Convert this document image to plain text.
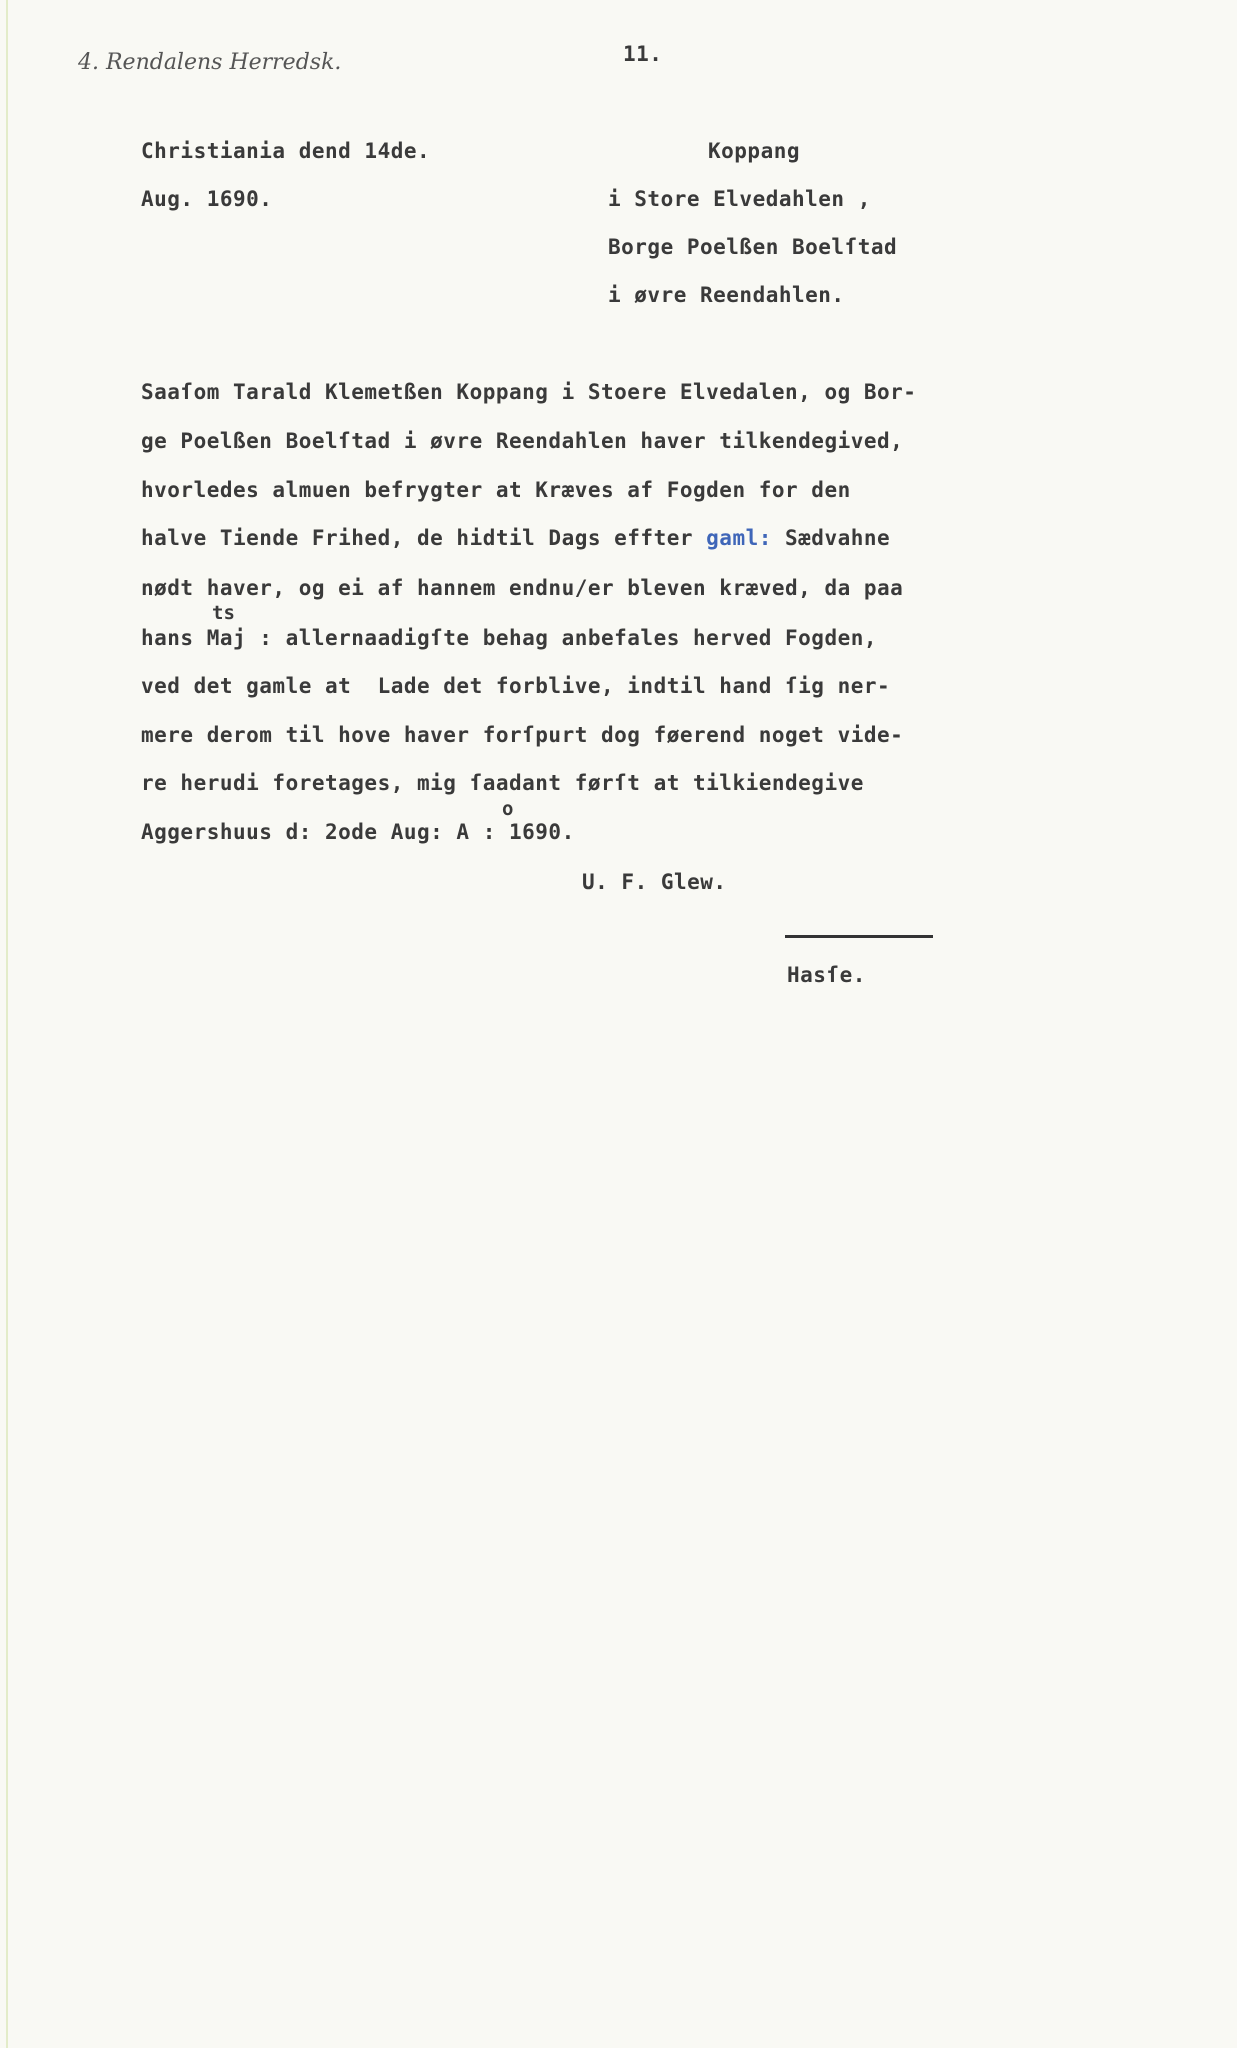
4. Rendalens Herredsk.	11.
Christiania dend 14de.
Aug. 1690.
Koppang
i Store Elvedahlen ,
Borge Poelßen Boelſtad
i øvre Reendahlen.
Saaſom Tarald Klemetßen Koppang i Stoere Elvedalen, og Bor-
ge Poelßen Boelſtad i øvre Reendahlen haver tilkendegived,
hvorledes almuen befrygter at Kræves af Fogden for den
halve Tiende Frihed, de hidtil Dags effter gaml: Sædvahne
nødt haver, og ei af hannem endnu/er bleven kræved, da paa
ts
hans Maj : allernaadigſte behag anbefales herved Fogden,
ved det gamle at  Lade det forblive, indtil hand ſig ner-
mere derom til hove haver forſpurt dog føerend noget vide-
re herudi foretages, mig ſaadant førſt at tilkiendegive
o
Aggershuus d: 2ode Aug: A : 1690.
U. F. Glew.
Hasſe.
